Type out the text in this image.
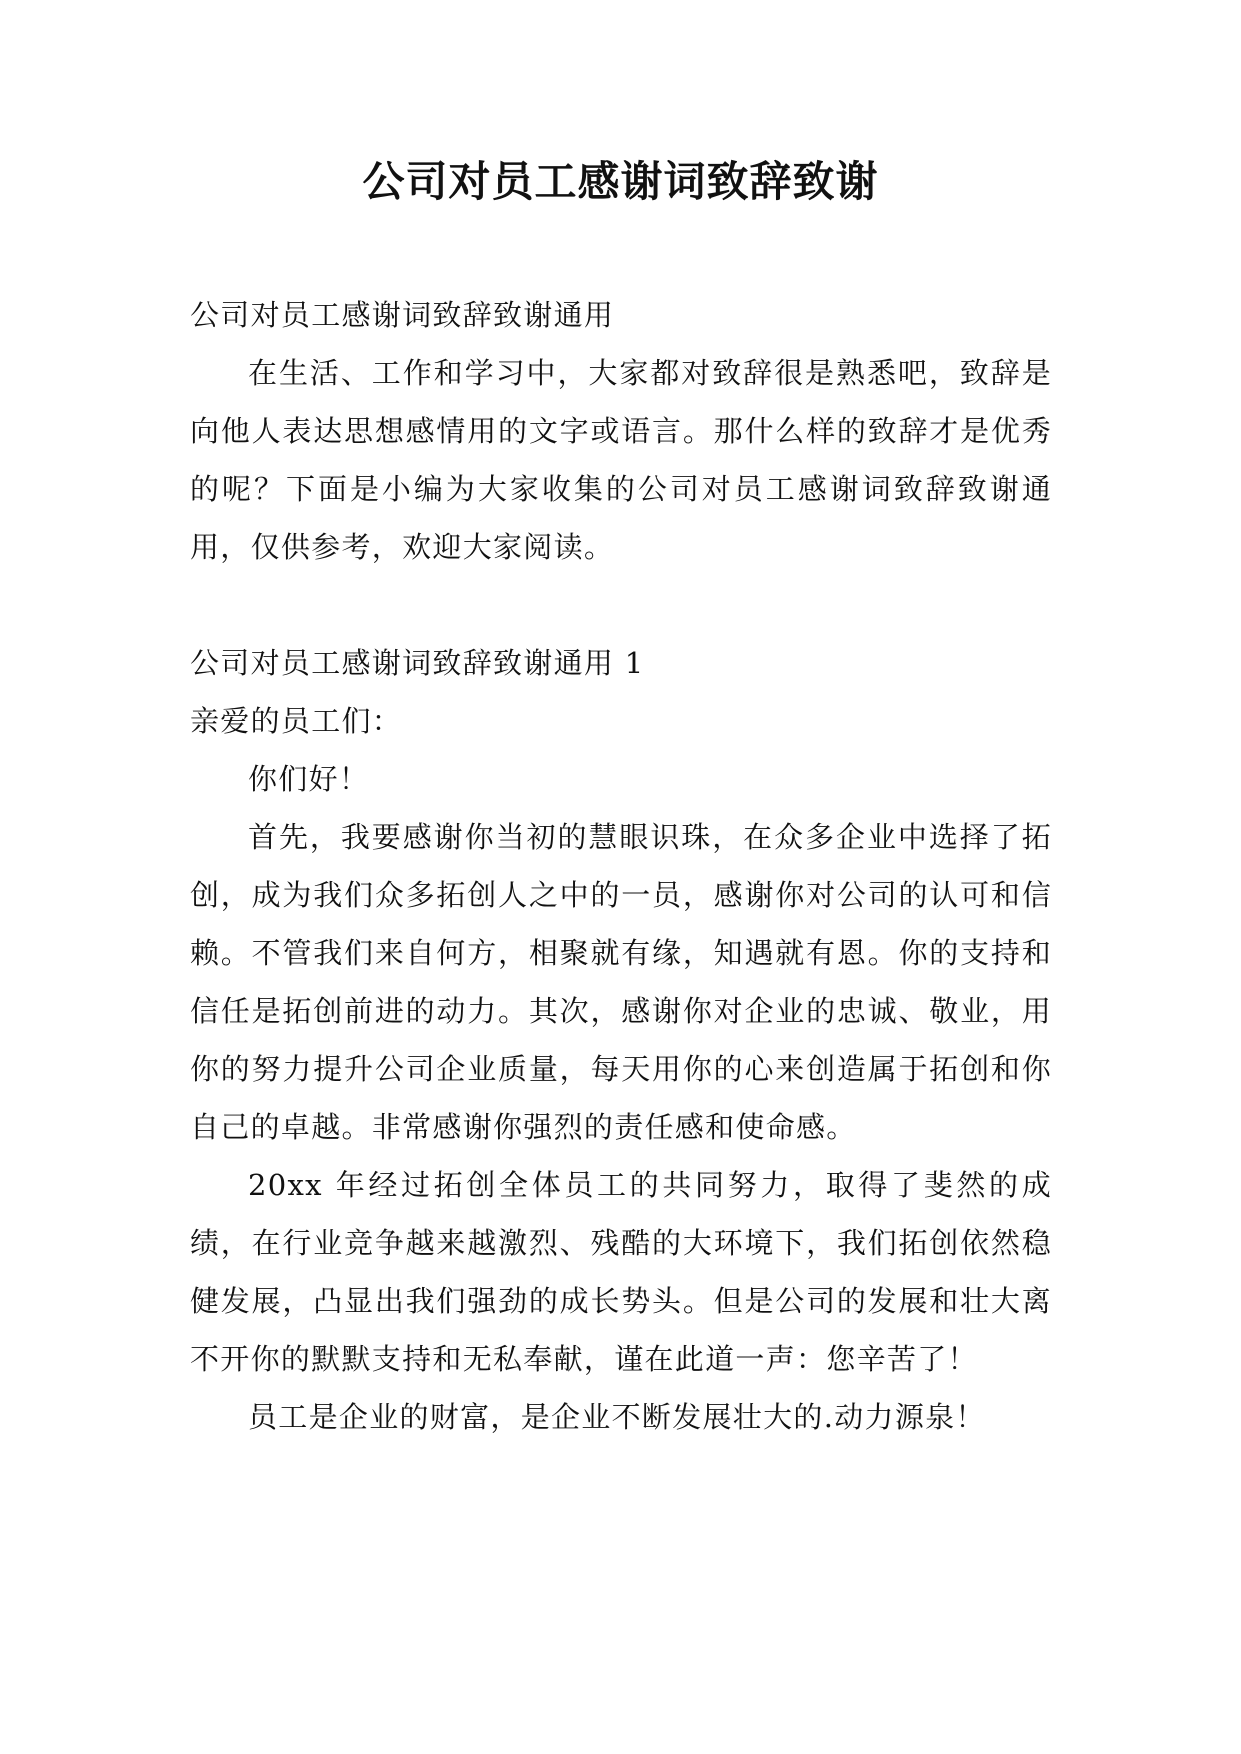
公司对员工感谢词致辞致谢

公司对员工感谢词致辞致谢通用

在生活、工作和学习中，大家都对致辞很是熟悉吧，致辞是向他人表达思想感情用的文字或语言。那什么样的致辞才是优秀的呢？下面是小编为大家收集的公司对员工感谢词致辞致谢通用，仅供参考，欢迎大家阅读。

公司对员工感谢词致辞致谢通用 1

亲爱的员工们：

你们好！

首先，我要感谢你当初的慧眼识珠，在众多企业中选择了拓创，成为我们众多拓创人之中的一员，感谢你对公司的认可和信赖。不管我们来自何方，相聚就有缘，知遇就有恩。你的支持和信任是拓创前进的动力。其次，感谢你对企业的忠诚、敬业，用你的努力提升公司企业质量，每天用你的心来创造属于拓创和你自己的卓越。非常感谢你强烈的责任感和使命感。

20xx 年经过拓创全体员工的共同努力，取得了斐然的成绩，在行业竞争越来越激烈、残酷的大环境下，我们拓创依然稳健发展，凸显出我们强劲的成长势头。但是公司的发展和壮大离不开你的默默支持和无私奉献，谨在此道一声：您辛苦了！

员工是企业的财富，是企业不断发展壮大的.动力源泉！
